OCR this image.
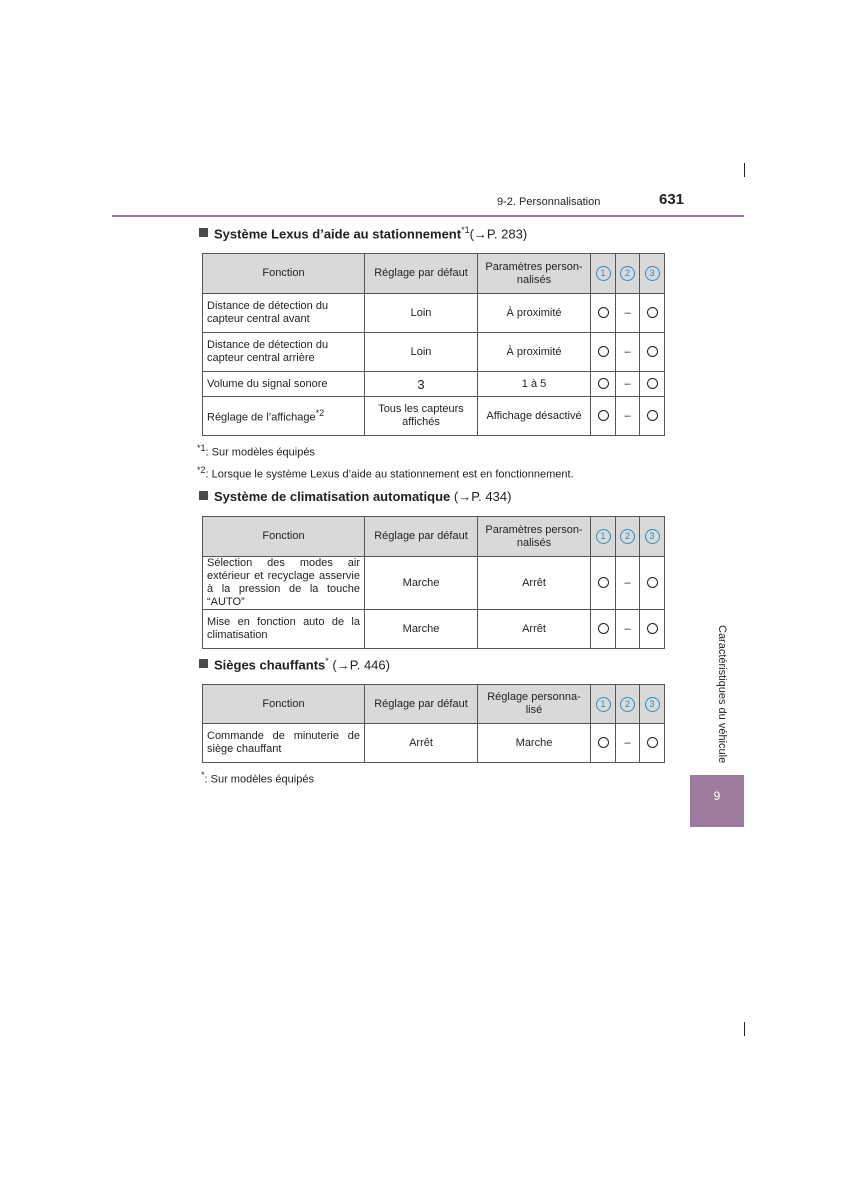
9-2. Personnalisation	631
Système Lexus d’aide au stationnement$^{*1}$(→P. 283)
Fonction	Réglage par défaut	Paramètres person-nalisés	1	2	3
Distance de détection du capteur central avant	Loin	À proximité		–	
Distance de détection du capteur central arrière	Loin	À proximité		–	
Volume du signal sonore	3	1 à 5		–	
Réglage de l’affichage$^{*2}$	Tous les capteurs affichés	Affichage désactivé		–	
$^{*1}$: Sur modèles équipés
$^{*2}$: Lorsque le système Lexus d’aide au stationnement est en fonctionnement.
Système de climatisation automatique (→P. 434)
Fonction	Réglage par défaut	Paramètres person-nalisés	1	2	3
Sélection des modes air extérieur et recyclage asservie à la pression de la touche “AUTO”	Marche	Arrêt		–	
Mise en fonction auto de la climatisation	Marche	Arrêt		–	
Sièges chauffants* (→P. 446)
Fonction	Réglage par défaut	Réglage personna-lisé	1	2	3
Commande de minuterie de siège chauffant	Arrêt	Marche		–	
*: Sur modèles équipés
Caractéristiques du véhicule
9
